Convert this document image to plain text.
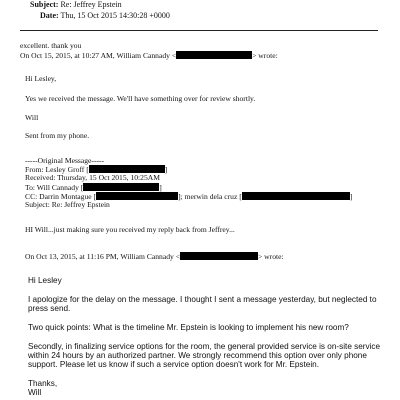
Subject: Re: Jeffrey Epstein
Date: Thu, 15 Oct 2015 14:30:28 +0000
excellent. thank you
On Oct 15, 2015, at 10:27 AM, William Cannady <	> wrote:
Hi Lesley,
Yes we received the message. We'll have something over for review shortly.
Will
Sent from my phone.
-----Original Message-----
From: Lesley Groff [	]
Received: Thursday, 15 Oct 2015, 10:25AM
To: Will Cannady [	]
CC: Darrin Montague [	]; merwin dela cruz [	]
Subject: Re: Jeffrey Epstein
HI Will...just making sure you received my reply back from Jeffrey...
On Oct 13, 2015, at 11:16 PM, William Cannady <	> wrote:
Hi Lesley
I apologize for the delay on the message. I thought I sent a message yesterday, but neglected to
press send.
Two quick points: What is the timeline Mr. Epstein is looking to implement his new room?
Secondly, in finalizing service options for the room, the general provided service is on-site service
within 24 hours by an authorized partner. We strongly recommend this option over only phone
support. Please let us know if such a service option doesn't work for Mr. Epstein.
Thanks,
Will
